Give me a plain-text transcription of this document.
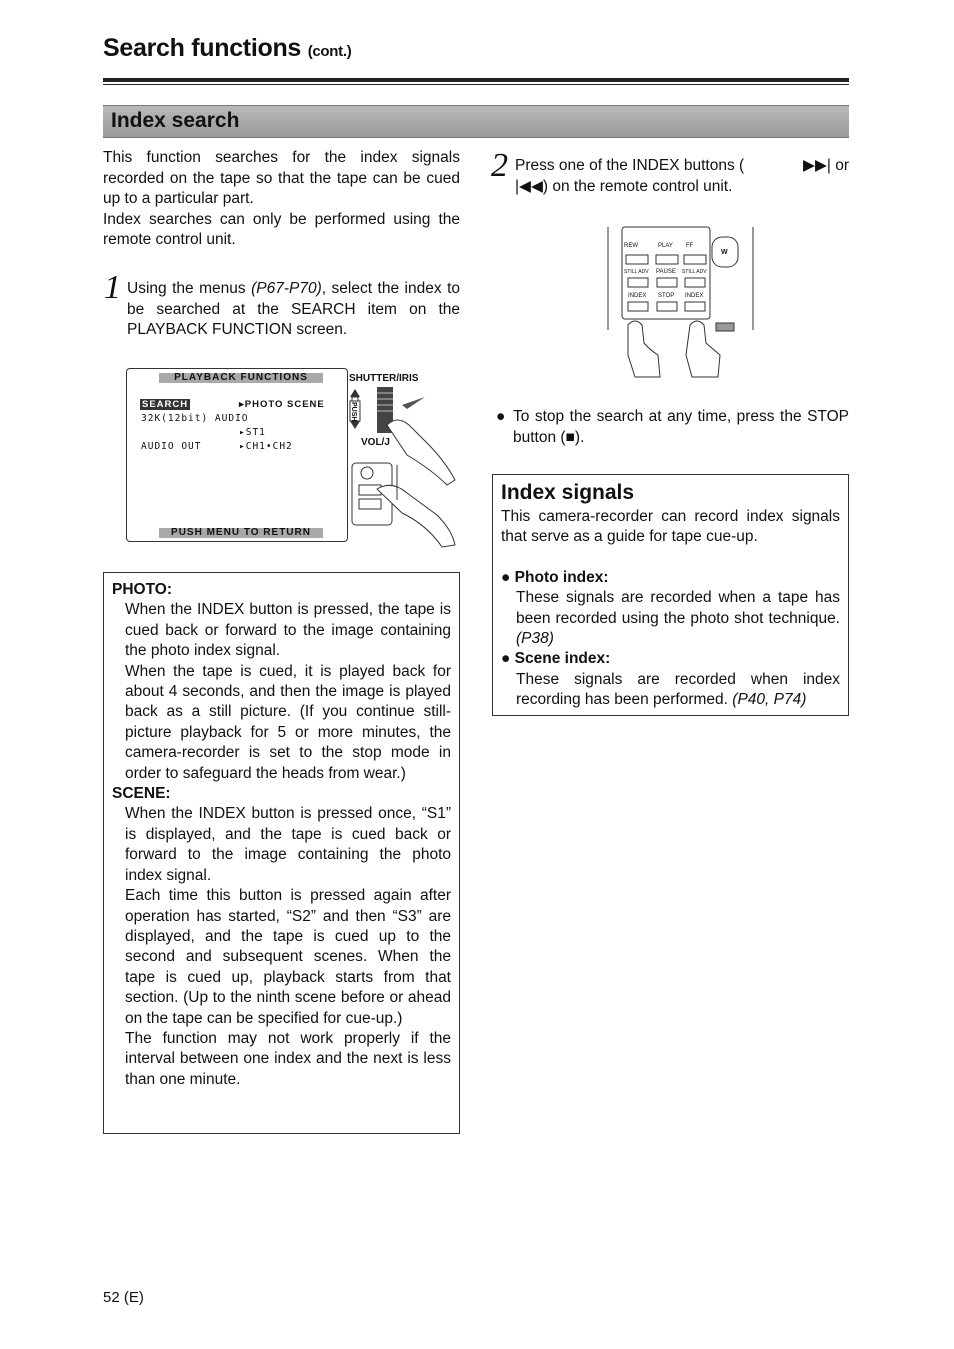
Search functions (cont.)
Index search
This function searches for the index signals recorded on the tape so that the tape can be cued up to a particular part.
Index searches can only be performed using the remote control unit.
1 Using the menus (P67-P70), select the index to be searched at the SEARCH item on the PLAYBACK FUNCTION screen.
PLAYBACK FUNCTIONS
SEARCH	▸PHOTO SCENE
32K(12bit) AUDIO
▸ST1
AUDIO OUT	▸CH1•CH2
PUSH MENU TO RETURN
SHUTTER/IRIS
VOL/J
PUSH
2 Press one of the INDEX buttons (	▶▶| or
|◀◀) on the remote control unit.
REW	PLAY FF
STILL ADV PAUSE STILL ADV
INDEX STOP INDEX
W
● To stop the search at any time, press the STOP button (■).
PHOTO:
When the INDEX button is pressed, the tape is cued back or forward to the image containing the photo index signal.
When the tape is cued, it is played back for about 4 seconds, and then the image is played back as a still picture. (If you continue still-picture playback for 5 or more minutes, the camera-recorder is set to the stop mode in order to safeguard the heads from wear.)
SCENE:
When the INDEX button is pressed once, “S1” is displayed, and the tape is cued back or forward to the image containing the photo index signal.
Each time this button is pressed again after operation has started, “S2” and then “S3” are displayed, and the tape is cued up to the second and subsequent scenes. When the tape is cued up, playback starts from that section. (Up to the ninth scene before or ahead on the tape can be specified for cue-up.)
The function may not work properly if the interval between one index and the next is less than one minute.
Index signals
This camera-recorder can record index signals that serve as a guide for tape cue-up.
● Photo index:
These signals are recorded when a tape has been recorded using the photo shot technique. (P38)
● Scene index:
These signals are recorded when index recording has been performed. (P40, P74)
52 (E)
